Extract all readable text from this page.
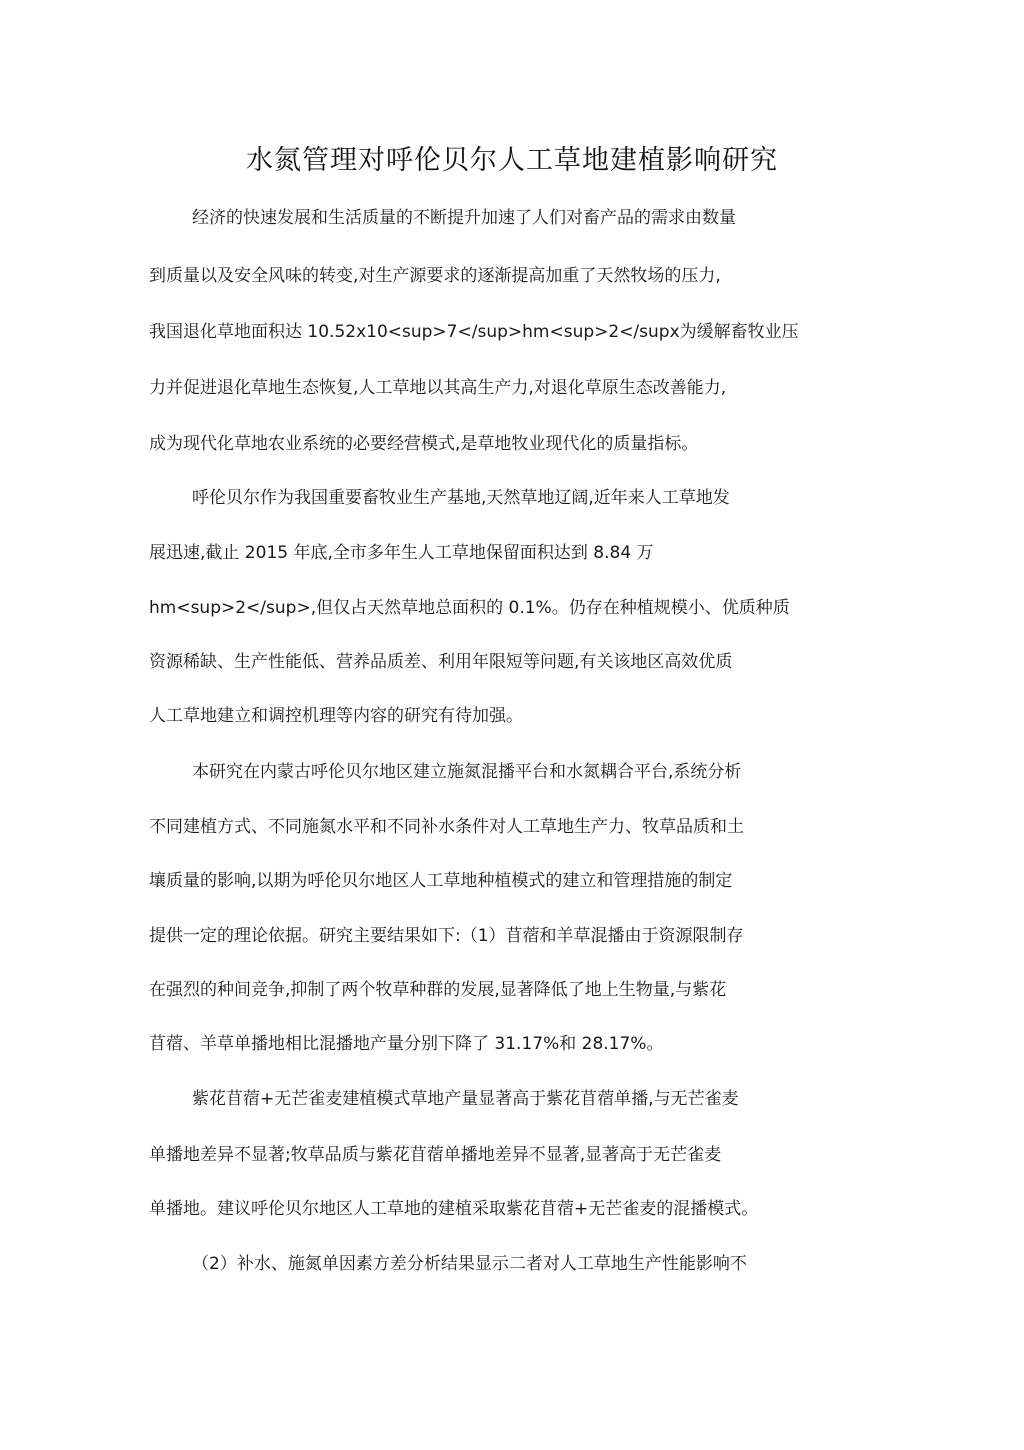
水氮管理对呼伦贝尔人工草地建植影响研究
经济的快速发展和生活质量的不断提升加速了人们对畜产品的需求由数量
到质量以及安全风味的转变,对生产源要求的逐渐提高加重了天然牧场的压力,
我国退化草地面积达 10.52x10<sup>7</sup>hm<sup>2</supx为缓解畜牧业压
力并促进退化草地生态恢复,人工草地以其高生产力,对退化草原生态改善能力,
成为现代化草地农业系统的必要经营模式,是草地牧业现代化的质量指标。
呼伦贝尔作为我国重要畜牧业生产基地,天然草地辽阔,近年来人工草地发
展迅速,截止 2015 年底,全市多年生人工草地保留面积达到 8.84 万
hm<sup>2</sup>,但仅占天然草地总面积的 0.1%。仍存在种植规模小、优质种质
资源稀缺、生产性能低、营养品质差、利用年限短等问题,有关该地区高效优质
人工草地建立和调控机理等内容的研究有待加强。
本研究在内蒙古呼伦贝尔地区建立施氮混播平台和水氮耦合平台,系统分析
不同建植方式、不同施氮水平和不同补水条件对人工草地生产力、牧草品质和土
壤质量的影响,以期为呼伦贝尔地区人工草地种植模式的建立和管理措施的制定
提供一定的理论依据。研究主要结果如下:（1）苜蓿和羊草混播由于资源限制存
在强烈的种间竞争,抑制了两个牧草种群的发展,显著降低了地上生物量,与紫花
苜蓿、羊草单播地相比混播地产量分别下降了 31.17%和 28.17%。
紫花苜蓿+无芒雀麦建植模式草地产量显著高于紫花苜蓿单播,与无芒雀麦
单播地差异不显著;牧草品质与紫花苜蓿单播地差异不显著,显著高于无芒雀麦
单播地。建议呼伦贝尔地区人工草地的建植采取紫花苜蓿+无芒雀麦的混播模式。
（2）补水、施氮单因素方差分析结果显示二者对人工草地生产性能影响不
